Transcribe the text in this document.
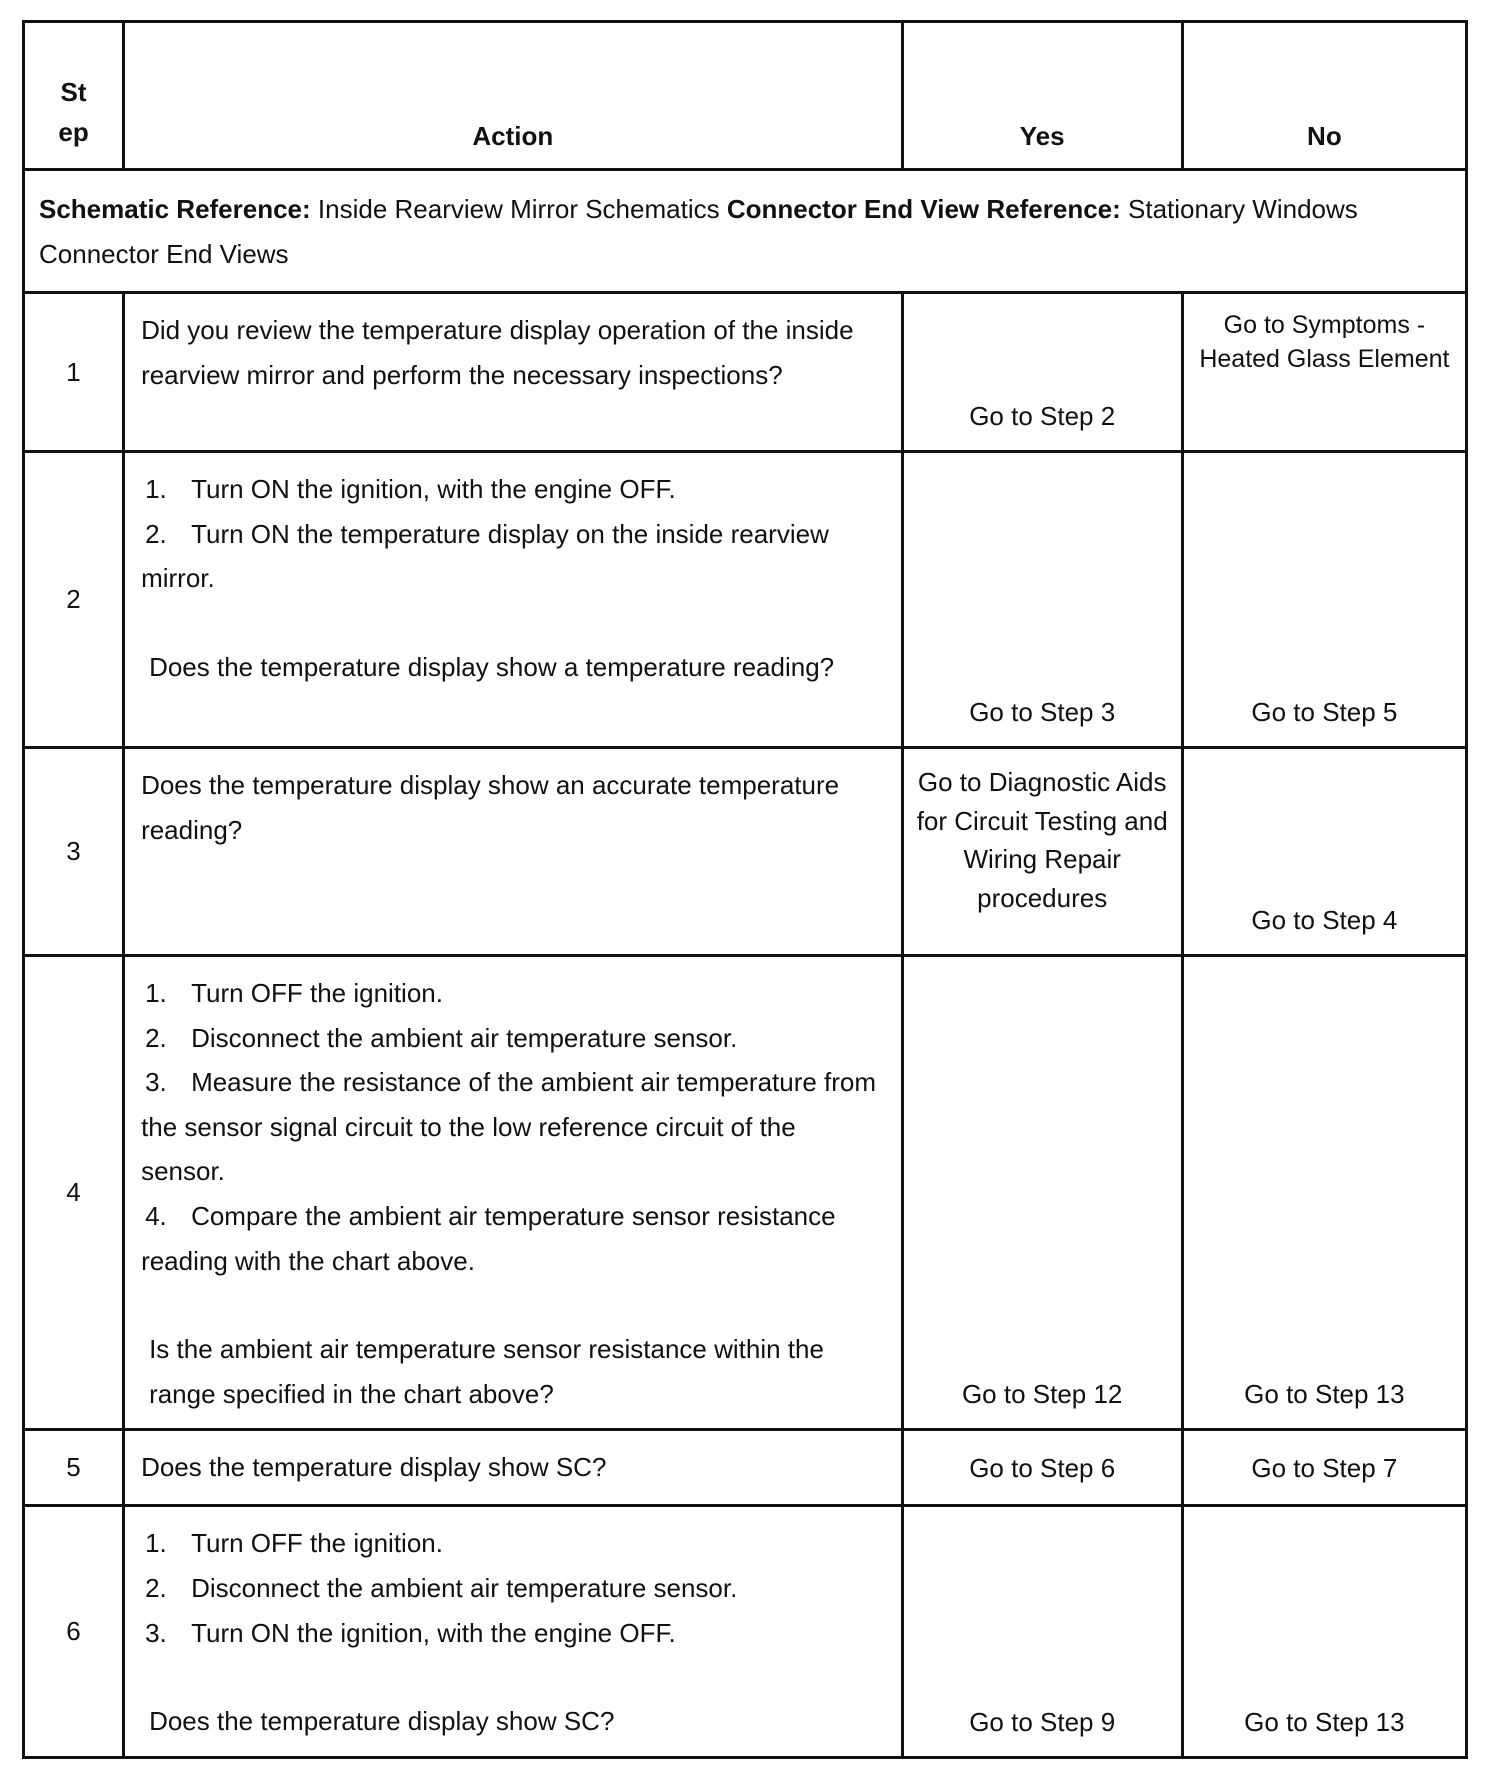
St
ep	Action	Yes	No
Schematic Reference: Inside Rearview Mirror Schematics Connector End View Reference: Stationary Windows Connector End Views			
1	Did you review the temperature display operation of the inside rearview mirror and perform the necessary inspections?	Go to Step 2	Go to Symptoms - Heated Glass Element
2	1. Turn ON the ignition, with the engine OFF.
2. Turn ON the temperature display on the inside rearview mirror.
Does the temperature display show a temperature reading?	Go to Step 3	Go to Step 5
3	Does the temperature display show an accurate temperature reading?	Go to Diagnostic Aids for Circuit Testing and Wiring Repair procedures	Go to Step 4
4	1. Turn OFF the ignition.
2. Disconnect the ambient air temperature sensor.
3. Measure the resistance of the ambient air temperature from the sensor signal circuit to the low reference circuit of the sensor.
4. Compare the ambient air temperature sensor resistance reading with the chart above.
Is the ambient air temperature sensor resistance within the range specified in the chart above?	Go to Step 12	Go to Step 13
5	Does the temperature display show SC?	Go to Step 6	Go to Step 7
6	1. Turn OFF the ignition.
2. Disconnect the ambient air temperature sensor.
3. Turn ON the ignition, with the engine OFF.
Does the temperature display show SC?	Go to Step 9	Go to Step 13
